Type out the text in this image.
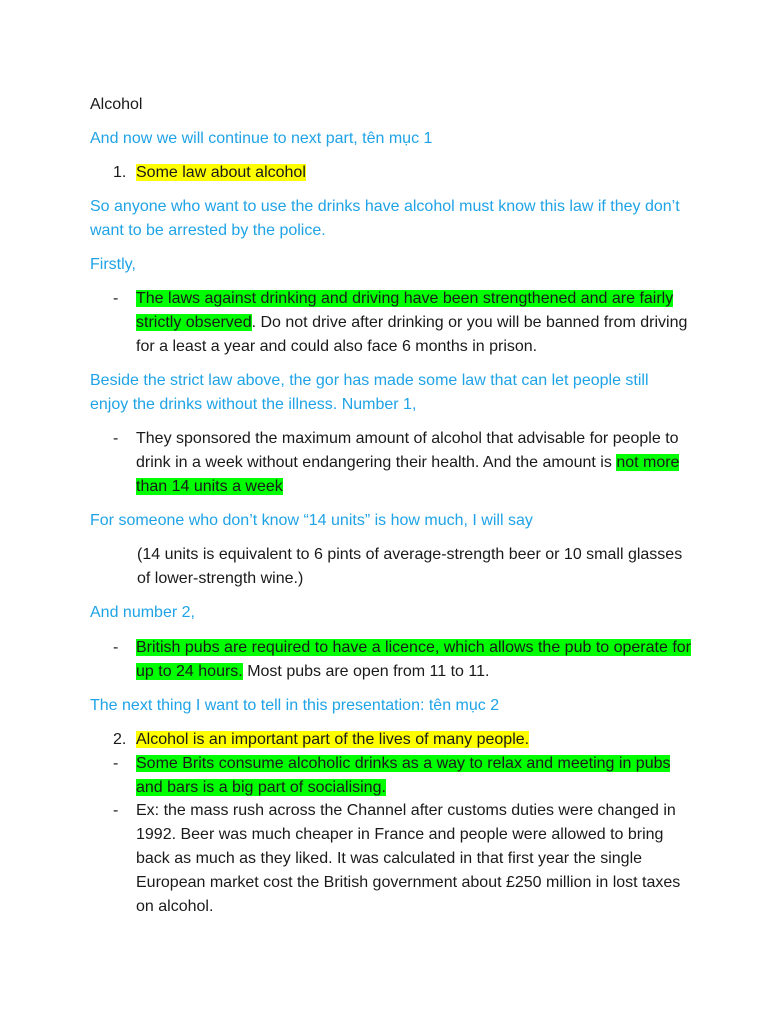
Alcohol

And now we will continue to next part, tên mục 1

1. Some law about alcohol

So anyone who want to use the drinks have alcohol must know this law if they don’t want to be arrested by the police.

Firstly,

-	The laws against drinking and driving have been strengthened and are fairly strictly observed. Do not drive after drinking or you will be banned from driving for a least a year and could also face 6 months in prison.

Beside the strict law above, the gor has made some law that can let people still enjoy the drinks without the illness. Number 1,

-	They sponsored the maximum amount of alcohol that advisable for people to drink in a week without endangering their health. And the amount is not more than 14 units a week

For someone who don’t know “14 units” is how much, I will say

(14 units is equivalent to 6 pints of average-strength beer or 10 small glasses of lower-strength wine.)

And number 2,

-	British pubs are required to have a licence, which allows the pub to operate for up to 24 hours. Most pubs are open from 11 to 11.

The next thing I want to tell in this presentation: tên mục 2

2. Alcohol is an important part of the lives of many people.
-	Some Brits consume alcoholic drinks as a way to relax and meeting in pubs and bars is a big part of socialising.
-	Ex: the mass rush across the Channel after customs duties were changed in 1992. Beer was much cheaper in France and people were allowed to bring back as much as they liked. It was calculated in that first year the single European market cost the British government about £250 million in lost taxes on alcohol.
